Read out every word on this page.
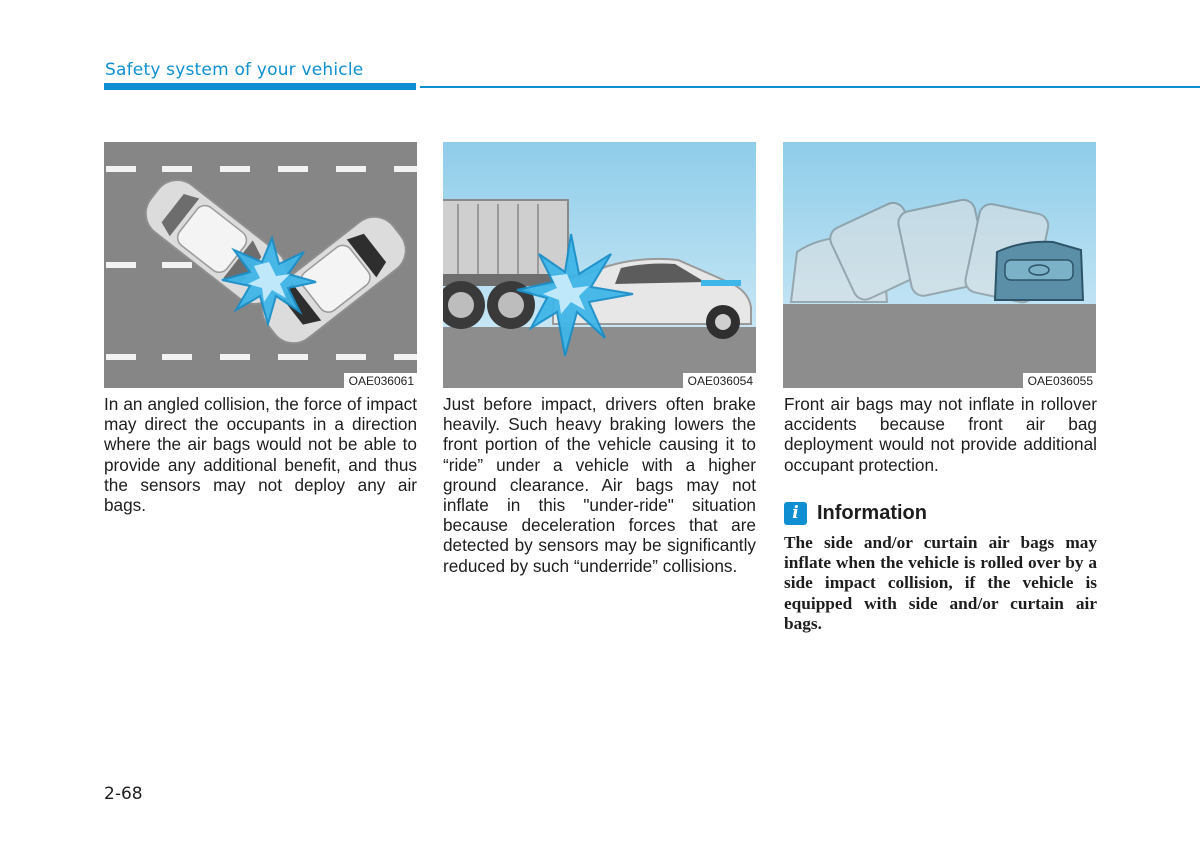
Safety system of your vehicle
OAE036061	OAE036054	OAE036055
In an angled collision, the force of impact may direct the occupants in a direction where the air bags would not be able to provide any additional benefit, and thus the sensors may not deploy any air bags.
Just before impact, drivers often brake heavily. Such heavy braking lowers the front portion of the vehicle causing it to “ride” under a vehicle with a higher ground clearance. Air bags may not inflate in this "under-ride" situation because deceleration forces that are detected by sensors may be significantly reduced by such “underride” collisions.
Front air bags may not inflate in rollover accidents because front air bag deployment would not provide additional occupant protection.
i Information
The side and/or curtain air bags may inflate when the vehicle is rolled over by a side impact collision, if the vehicle is equipped with side and/or curtain air bags.
2-68
